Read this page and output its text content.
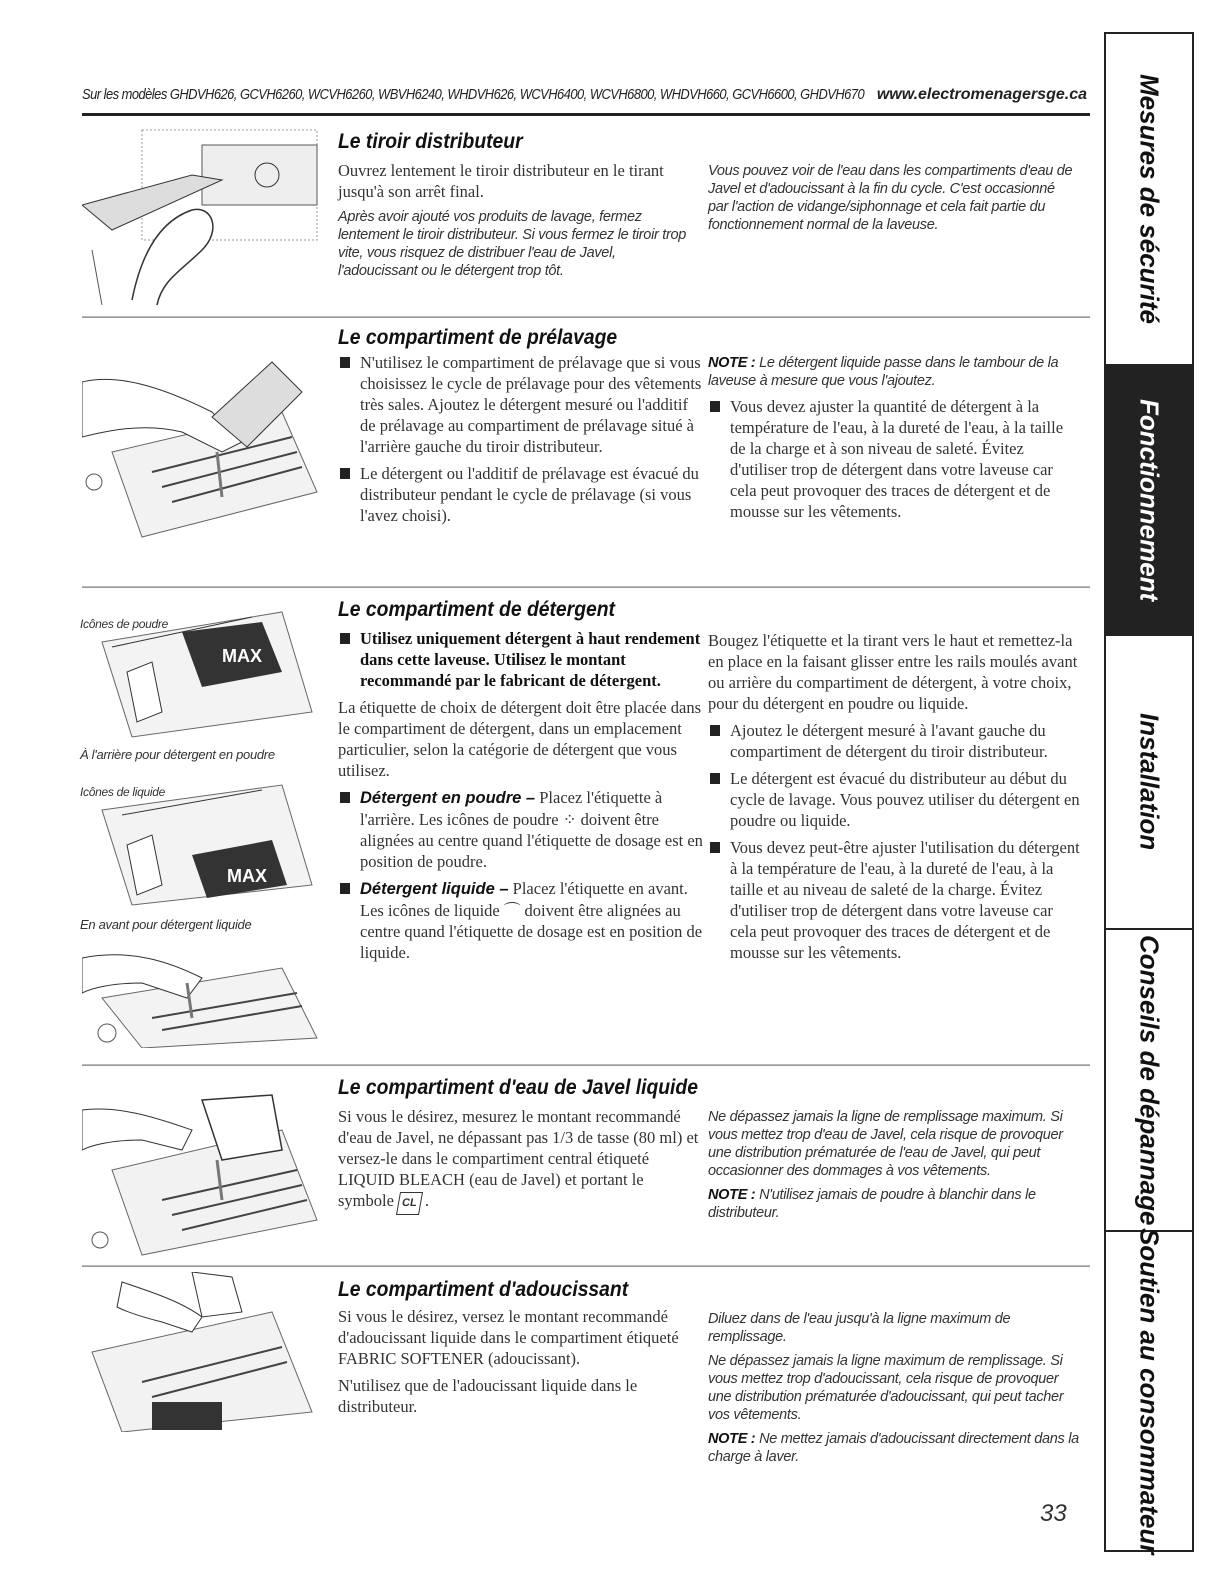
Sur les modèles GHDVH626, GCVH6260, WCVH6260, WBVH6240, WHDVH626, WCVH6400, WCVH6800, WHDVH660, GCVH6600, GHDVH670 www.electromenagersge.ca
Le tiroir distributeur

Ouvrez lentement le tiroir distributeur en le tirant jusqu'à son arrêt final.

Après avoir ajouté vos produits de lavage, fermez lentement le tiroir distributeur. Si vous fermez le tiroir trop vite, vous risquez de distribuer l'eau de Javel, l'adoucissant ou le détergent trop tôt.

Vous pouvez voir de l'eau dans les compartiments d'eau de Javel et d'adoucissant à la fin du cycle. C'est occasionné par l'action de vidange/siphonnage et cela fait partie du fonctionnement normal de la laveuse.
Le compartiment de prélavage
N'utilisez le compartiment de prélavage que si vous choisissez le cycle de prélavage pour des vêtements très sales. Ajoutez le détergent mesuré ou l'additif de prélavage au compartiment de prélavage situé à l'arrière gauche du tiroir distributeur.
Le détergent ou l'additif de prélavage est évacué du distributeur pendant le cycle de prélavage (si vous l'avez choisi).

NOTE : Le détergent liquide passe dans le tambour de la laveuse à mesure que vous l'ajoutez.

Vous devez ajuster la quantité de détergent à la température de l'eau, à la dureté de l'eau, à la taille de la charge et à son niveau de saleté. Évitez d'utiliser trop de détergent dans votre laveuse car cela peut provoquer des traces de détergent et de mousse sur les vêtements.
MAX
Icônes de poudre
À l'arrière pour détergent en poudre
MAX
Icônes de liquide
En avant pour détergent liquide
Le compartiment de détergent
Utilisez uniquement détergent à haut rendement dans cette laveuse. Utilisez le montant recommandé par le fabricant de détergent.

La étiquette de choix de détergent doit être placée dans le compartiment de détergent, dans un emplacement particulier, selon la catégorie de détergent que vous utilisez.

Détergent en poudre – Placez l'étiquette à l'arrière. Les icônes de poudre ⁘ doivent être alignées au centre quand l'étiquette de dosage est en position de poudre.
Détergent liquide – Placez l'étiquette en avant. Les icônes de liquide ⌒ doivent être alignées au centre quand l'étiquette de dosage est en position de liquide.

Bougez l'étiquette et la tirant vers le haut et remettez-la en place en la faisant glisser entre les rails moulés avant ou arrière du compartiment de détergent, à votre choix, pour du détergent en poudre ou liquide.

Ajoutez le détergent mesuré à l'avant gauche du compartiment de détergent du tiroir distributeur.
Le détergent est évacué du distributeur au début du cycle de lavage. Vous pouvez utiliser du détergent en poudre ou liquide.
Vous devez peut-être ajuster l'utilisation du détergent à la température de l'eau, à la dureté de l'eau, à la taille et au niveau de saleté de la charge. Évitez d'utiliser trop de détergent dans votre laveuse car cela peut provoquer des traces de détergent et de mousse sur les vêtements.
Le compartiment d'eau de Javel liquide

Si vous le désirez, mesurez le montant recommandé d'eau de Javel, ne dépassant pas 1/3 de tasse (80 ml) et versez-le dans le compartiment central étiqueté LIQUID BLEACH (eau de Javel) et portant le symbole CL .

Ne dépassez jamais la ligne de remplissage maximum. Si vous mettez trop d'eau de Javel, cela risque de provoquer une distribution prématurée de l'eau de Javel, qui peut occasionner des dommages à vos vêtements.

NOTE : N'utilisez jamais de poudre à blanchir dans le distributeur.

Le compartiment d'adoucissant

Si vous le désirez, versez le montant recommandé d'adoucissant liquide dans le compartiment étiqueté FABRIC SOFTENER (adoucissant).

N'utilisez que de l'adoucissant liquide dans le distributeur.

Diluez dans de l'eau jusqu'à la ligne maximum de remplissage.

Ne dépassez jamais la ligne maximum de remplissage. Si vous mettez trop d'adoucissant, cela risque de provoquer une distribution prématurée d'adoucissant, qui peut tacher vos vêtements.

NOTE : Ne mettez jamais d'adoucissant directement dans la charge à laver.

Mesures de sécurité
Fonctionnement
Installation
Conseils de dépannage
Soutien au consommateur
33
